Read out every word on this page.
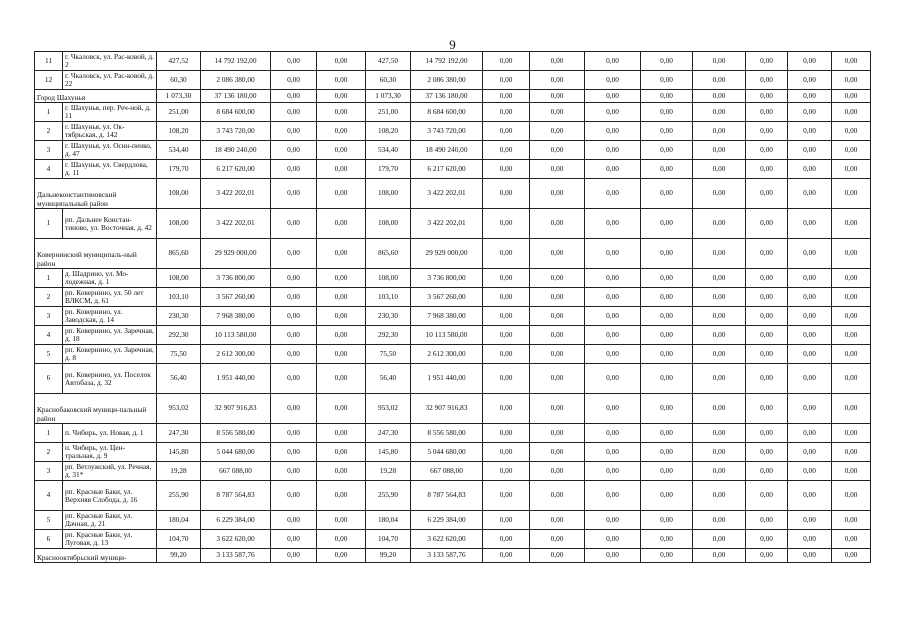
9
11	г. Чкаловск, ул. Рас-ковой, д. 2	427,52	14 792 192,00	0,00	0,00	427,50	14 792 192,00	0,00	0,00	0,00	0,00	0,00	0,00	0,00	0,00
12	г. Чкаловск, ул. Рас-ковой, д. 22	60,30	2 086 380,00	0,00	0,00	60,30	2 086 380,00	0,00	0,00	0,00	0,00	0,00	0,00	0,00	0,00
Город Шахунья		1 073,30	37 136 180,00	0,00	0,00	1 073,30	37 136 180,00	0,00	0,00	0,00	0,00	0,00	0,00	0,00	0,00
1	г. Шахунья, пер. Реч-ной, д. 11	251,00	8 684 600,00	0,00	0,00	251,00	8 684 600,00	0,00	0,00	0,00	0,00	0,00	0,00	0,00	0,00
2	г. Шахунья, ул. Ок-тябрьская, д. 142	108,20	3 743 720,00	0,00	0,00	108,20	3 743 720,00	0,00	0,00	0,00	0,00	0,00	0,00	0,00	0,00
3	г. Шахунья, ул. Осин-пенко, д. 47	534,40	18 490 240,00	0,00	0,00	534,40	18 490 240,00	0,00	0,00	0,00	0,00	0,00	0,00	0,00	0,00
4	г. Шахунья, ул. Свердлова, д. 11	179,70	6 217 620,00	0,00	0,00	179,70	6 217 620,00	0,00	0,00	0,00	0,00	0,00	0,00	0,00	0,00
Дальнеконстантиновский муниципальный район		108,00	3 422 202,01	0,00	0,00	108,00	3 422 202,01	0,00	0,00	0,00	0,00	0,00	0,00	0,00	0,00
1	рп. Дальнее Констан-тиново, ул. Восточная, д. 42	108,00	3 422 202,01	0,00	0,00	108,00	3 422 202,01	0,00	0,00	0,00	0,00	0,00	0,00	0,00	0,00
Ковернинский муниципаль-ный район		865,60	29 929 000,00	0,00	0,00	865,60	29 929 000,00	0,00	0,00	0,00	0,00	0,00	0,00	0,00	0,00
1	д. Шадрино, ул. Мо-лодежная, д. 1	108,00	3 736 800,00	0,00	0,00	108,00	3 736 800,00	0,00	0,00	0,00	0,00	0,00	0,00	0,00	0,00
2	рп. Ковернино, ул. 50 лет ВЛКСМ, д. 61	103,10	3 567 260,00	0,00	0,00	103,10	3 567 260,00	0,00	0,00	0,00	0,00	0,00	0,00	0,00	0,00
3	рп. Ковернино, ул. Заводская, д. 14	230,30	7 968 380,00	0,00	0,00	230,30	7 968 380,00	0,00	0,00	0,00	0,00	0,00	0,00	0,00	0,00
4	рп. Ковернино, ул. Заречная, д. 18	292,30	10 113 580,00	0,00	0,00	292,30	10 113 580,00	0,00	0,00	0,00	0,00	0,00	0,00	0,00	0,00
5	рп. Ковернино, ул. Заречная, д. 8	75,50	2 612 300,00	0,00	0,00	75,50	2 612 300,00	0,00	0,00	0,00	0,00	0,00	0,00	0,00	0,00
6	рп. Ковернино, ул. Поселок Автобаза, д. 32	56,40	1 951 440,00	0,00	0,00	56,40	1 951 440,00	0,00	0,00	0,00	0,00	0,00	0,00	0,00	0,00
Краснобаковский муници-пальный район		953,02	32 907 916,83	0,00	0,00	953,02	32 907 916,83	0,00	0,00	0,00	0,00	0,00	0,00	0,00	0,00
1	п. Чибирь, ул. Новая, д. 1	247,30	8 556 580,00	0,00	0,00	247,30	8 556 580,00	0,00	0,00	0,00	0,00	0,00	0,00	0,00	0,00
2	п. Чибирь, ул. Цен-тральная, д. 9	145,80	5 044 680,00	0,00	0,00	145,80	5 044 680,00	0,00	0,00	0,00	0,00	0,00	0,00	0,00	0,00
3	рп. Ветлужский, ул. Речная, д. 31*	19,28	667 088,00	0,00	0,00	19,28	667 088,00	0,00	0,00	0,00	0,00	0,00	0,00	0,00	0,00
4	рп. Красные Баки, ул. Верхняя Слобода, д. 16	255,90	8 787 564,83	0,00	0,00	255,90	8 787 564,83	0,00	0,00	0,00	0,00	0,00	0,00	0,00	0,00
5	рп. Красные Баки, ул. Дачная, д. 21	180,04	6 229 384,00	0,00	0,00	180,04	6 229 384,00	0,00	0,00	0,00	0,00	0,00	0,00	0,00	0,00
6	рп. Красные Баки, ул. Луговая, д. 13	104,70	3 622 620,00	0,00	0,00	104,70	3 622 620,00	0,00	0,00	0,00	0,00	0,00	0,00	0,00	0,00
Краснооктябрьский муници-		99,20	3 133 587,76	0,00	0,00	99,20	3 133 587,76	0,00	0,00	0,00	0,00	0,00	0,00	0,00	0,00
